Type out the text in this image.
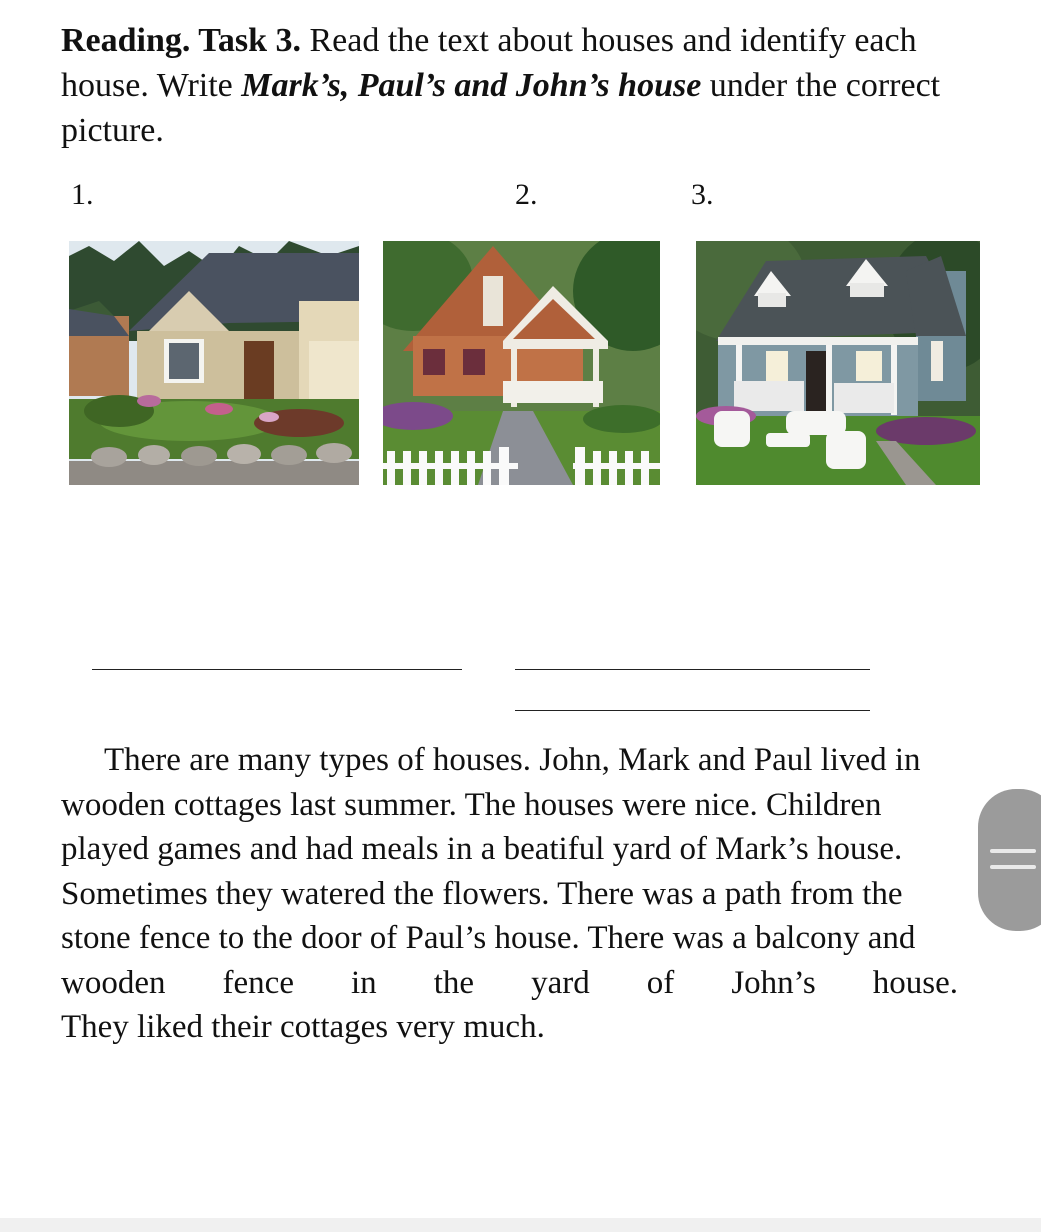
Reading. Task 3. Read the text about houses and identify each house. Write Mark’s, Paul’s and John’s house under the correct picture.
1.	2.	3.
There are many types of houses. John, Mark and Paul lived in
wooden cottages last summer. The houses were nice. Children
played games and had meals in a beatiful yard of Mark’s house.
Sometimes they watered the flowers. There was a path from the
stone fence to the door of Paul’s house. There was a balcony and
wooden fence in the yard of John’s house.
They liked their cottages very much.
